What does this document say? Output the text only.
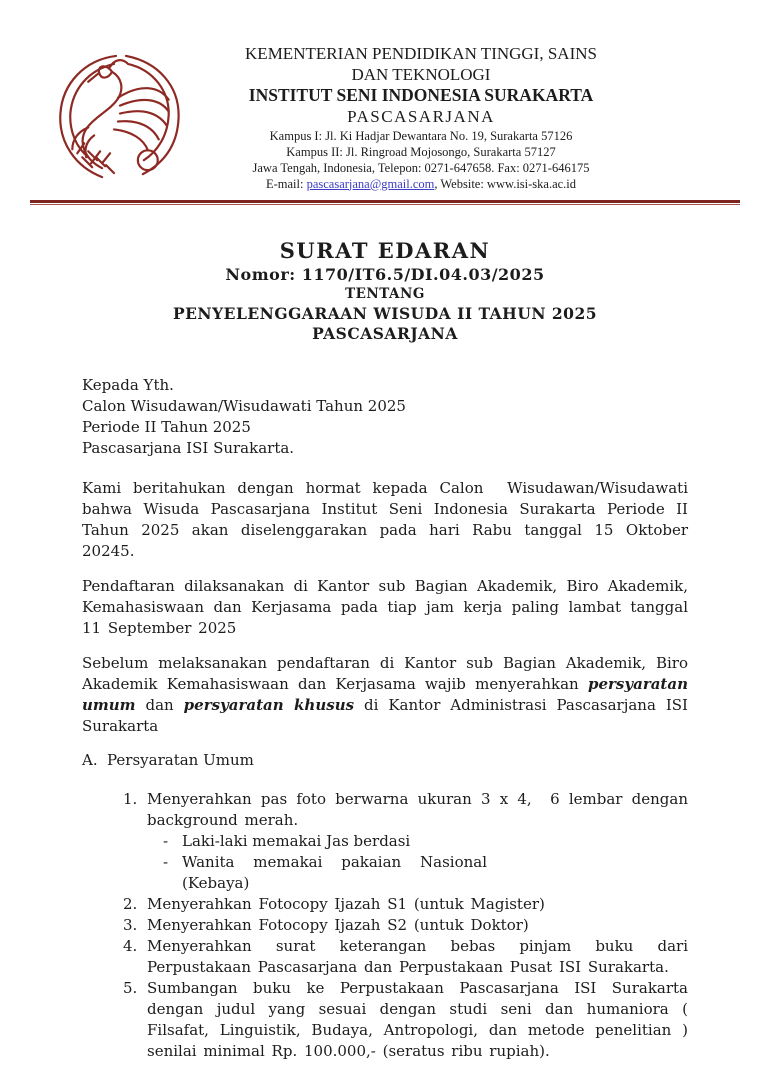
KEMENTERIAN PENDIDIKAN TINGGI, SAINS
DAN TEKNOLOGI
INSTITUT SENI INDONESIA SURAKARTA
PASCASARJANA
Kampus I: Jl. Ki Hadjar Dewantara No. 19, Surakarta 57126
Kampus II: Jl. Ringroad Mojosongo, Surakarta 57127
Jawa Tengah, Indonesia, Telepon: 0271-647658. Fax: 0271-646175
E-mail: pascasarjana@gmail.com, Website: www.isi-ska.ac.id
SURAT EDARAN
Nomor: 1170/IT6.5/DI.04.03/2025
TENTANG
PENYELENGGARAAN WISUDA II TAHUN 2025
PASCASARJANA
Kepada Yth.
Calon Wisudawan/Wisudawati Tahun 2025
Periode II Tahun 2025
Pascasarjana ISI Surakarta.

Kami beritahukan dengan hormat kepada Calon  Wisudawan/Wisudawati bahwa Wisuda Pascasarjana Institut Seni Indonesia Surakarta Periode II Tahun 2025 akan diselenggarakan pada hari Rabu tanggal 15 Oktober 20245.

Pendaftaran dilaksanakan di Kantor sub Bagian Akademik, Biro Akademik, Kemahasiswaan dan Kerjasama pada tiap jam kerja paling lambat tanggal 11 September 2025

Sebelum melaksanakan pendaftaran di Kantor sub Bagian Akademik, Biro Akademik Kemahasiswaan dan Kerjasama wajib menyerahkan persyaratan umum dan persyaratan khusus di Kantor Administrasi Pascasarjana ISI Surakarta

A. Persyaratan Umum
1. Menyerahkan pas foto berwarna ukuran 3 x 4,  6 lembar dengan background merah.
- Laki-laki memakai Jas berdasi
- Wanita memakai pakaian Nasional (Kebaya)
2. Menyerahkan Fotocopy Ijazah S1 (untuk Magister)
3. Menyerahkan Fotocopy Ijazah S2 (untuk Doktor)
4. Menyerahkan surat keterangan bebas pinjam buku dari Perpustakaan Pascasarjana dan Perpustakaan Pusat ISI Surakarta.
5. Sumbangan buku ke Perpustakaan Pascasarjana ISI Surakarta dengan judul yang sesuai dengan studi seni dan humaniora ( Filsafat, Linguistik, Budaya, Antropologi, dan metode penelitian ) senilai minimal Rp. 100.000,- (seratus ribu rupiah).
